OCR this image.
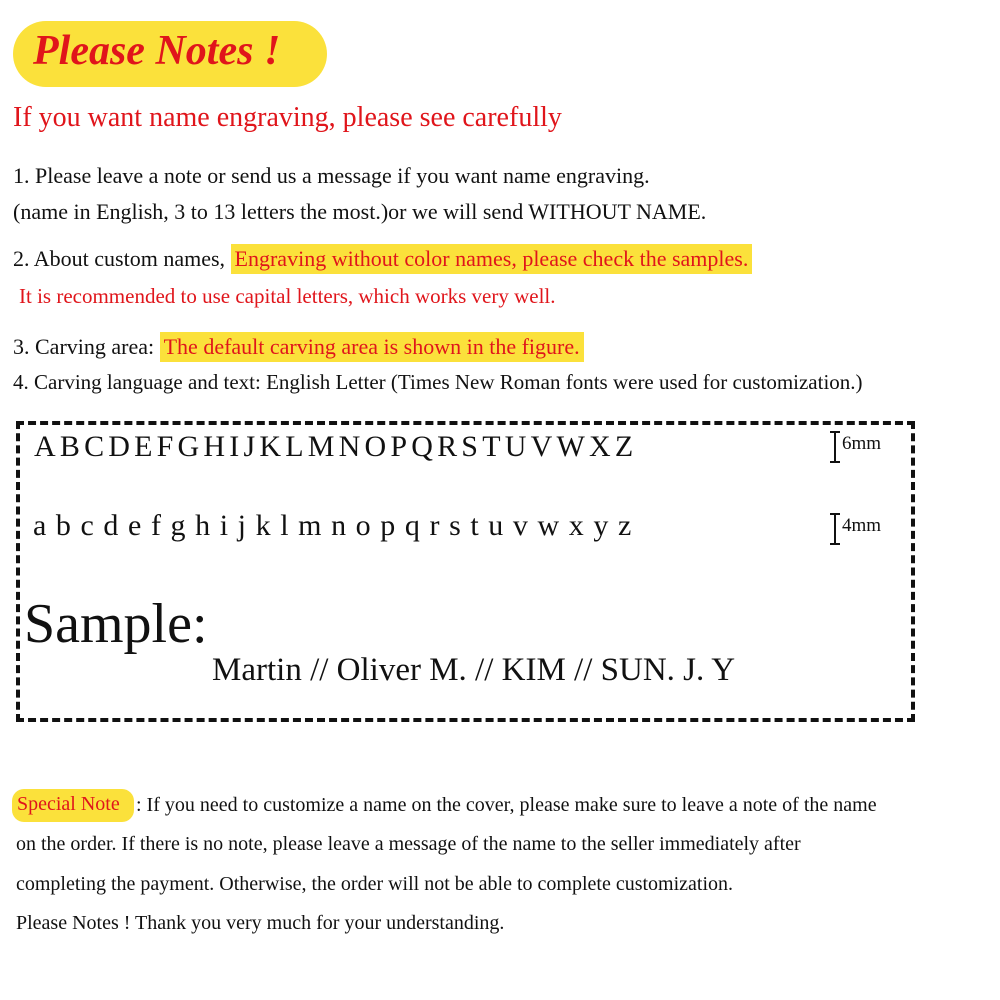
Please Notes !
If you want name engraving, please see carefully
1. Please leave a note or send us a message if you want name engraving.
(name in English, 3 to 13 letters the most.)or we will send WITHOUT NAME.
2. About custom names, Engraving without color names, please check the samples.
It is recommended to use capital letters, which works very well.
3. Carving area: The default carving area is shown in the figure.
4. Carving language and text: English Letter (Times New Roman fonts were used for customization.)
ABCDEFGHIJKLMNOPQRSTUVWXZ	6mm
abcdefghijklmnopqrstuvwxyz	4mm
Sample:
Martin // Oliver M. // KIM // SUN. J. Y
Special Note : If you need to customize a name on the cover, please make sure to leave a note of the name
on the order. If there is no note, please leave a message of the name to the seller immediately after
completing the payment. Otherwise, the order will not be able to complete customization.
Please Notes ! Thank you very much for your understanding.
